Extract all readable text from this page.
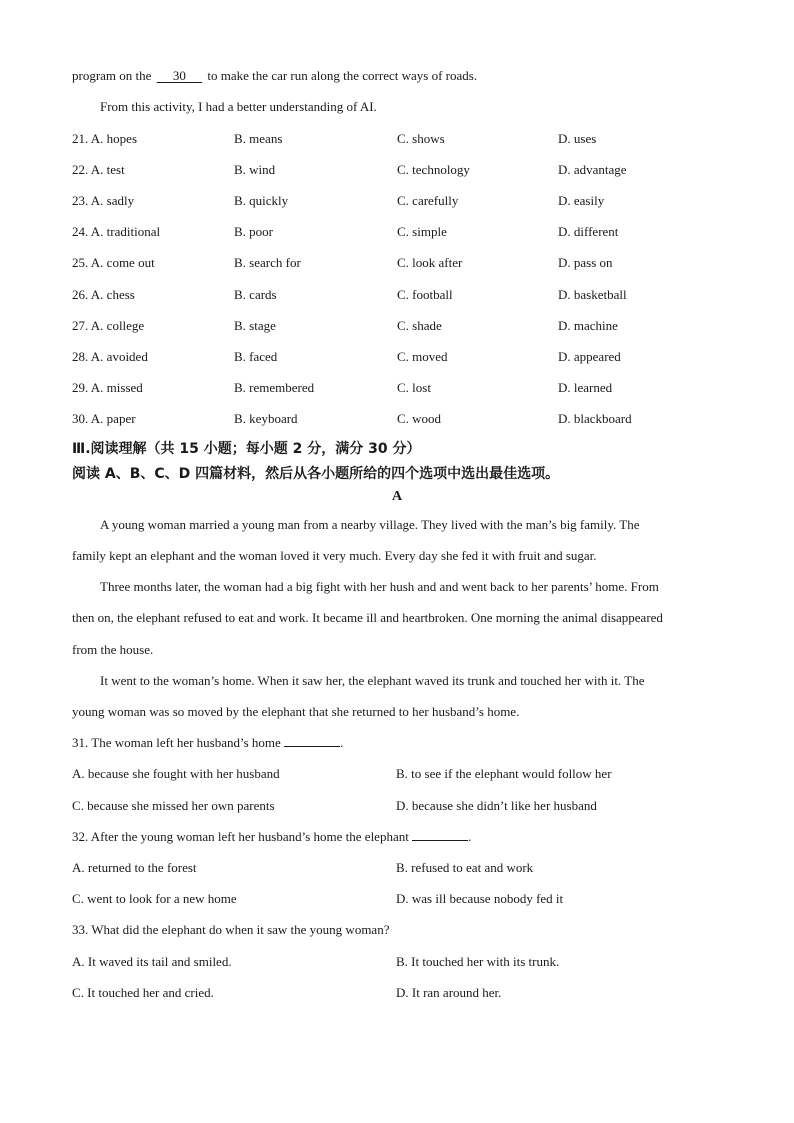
program on the      30      to make the car run along the correct ways of roads.
From this activity, I had a better understanding of AI.
21. A. hopes	B. means	C. shows	D. uses
22. A. test	B. wind	C. technology	D. advantage
23. A. sadly	B. quickly	C. carefully	D. easily
24. A. traditional	B. poor	C. simple	D. different
25. A. come out	B. search for	C. look after	D. pass on
26. A. chess	B. cards	C. football	D. basketball
27. A. college	B. stage	C. shade	D. machine
28. A. avoided	B. faced	C. moved	D. appeared
29. A. missed	B. remembered	C. lost	D. learned
30. A. paper	B. keyboard	C. wood	D. blackboard
Ⅲ.阅读理解（共 15 小题；每小题 2 分，满分 30 分）
阅读 A、B、C、D 四篇材料，然后从各小题所给的四个选项中选出最佳选项。
A
A young woman married a young man from a nearby village. They lived with the man’s big family. The
family kept an elephant and the woman loved it very much. Every day she fed it with fruit and sugar.
Three months later, the woman had a big fight with her hush and and went back to her parents’ home. From
then on, the elephant refused to eat and work. It became ill and heartbroken. One morning the animal disappeared
from the house.
It went to the woman’s home. When it saw her, the elephant waved its trunk and touched her with it. The
young woman was so moved by the elephant that she returned to her husband’s home.
31. The woman left her husband’s home	.
A. because she fought with her husband	B. to see if the elephant would follow her
C. because she missed her own parents	D. because she didn’t like her husband
32. After the young woman left her husband’s home the elephant	.
A. returned to the forest	B. refused to eat and work
C. went to look for a new home	D. was ill because nobody fed it
33. What did the elephant do when it saw the young woman?
A. It waved its tail and smiled.	B. It touched her with its trunk.
C. It touched her and cried.	D. It ran around her.
